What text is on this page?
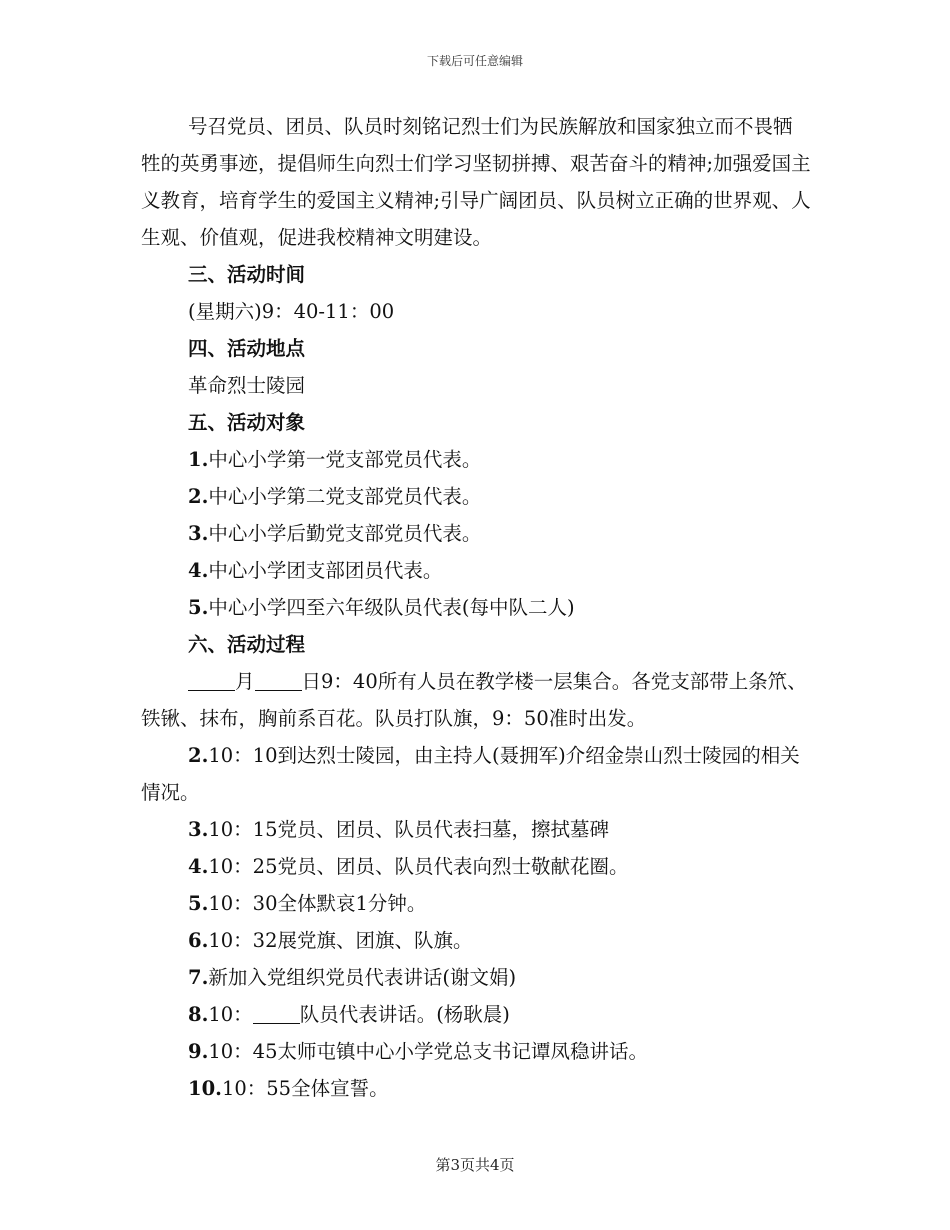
下载后可任意编辑

号召党员、团员、队员时刻铭记烈士们为民族解放和国家独立而不畏牺牲的英勇事迹，提倡师生向烈士们学习坚韧拼搏、艰苦奋斗的精神;加强爱国主义教育，培育学生的爱国主义精神;引导广阔团员、队员树立正确的世界观、人生观、价值观，促进我校精神文明建设。

三、活动时间

(星期六)9：40-11：00

四、活动地点

革命烈士陵园

五、活动对象

1.中心小学第一党支部党员代表。

2.中心小学第二党支部党员代表。

3.中心小学后勤党支部党员代表。

4.中心小学团支部团员代表。

5.中心小学四至六年级队员代表(每中队二人)

六、活动过程

月 日9：40所有人员在教学楼一层集合。各党支部带上条笊、铁锹、抹布，胸前系百花。队员打队旗，9：50准时出发。

2.10：10到达烈士陵园，由主持人(聂拥军)介绍金崇山烈士陵园的相关情况。

3.10：15党员、团员、队员代表扫墓，擦拭墓碑

4.10：25党员、团员、队员代表向烈士敬献花圈。

5.10：30全体默哀1分钟。

6.10：32展党旗、团旗、队旗。

7.新加入党组织党员代表讲话(谢文娟)

8.10： 队员代表讲话。(杨耿晨)

9.10：45太师屯镇中心小学党总支书记谭凤稳讲话。

10.10：55全体宣誓。

第3页共4页
